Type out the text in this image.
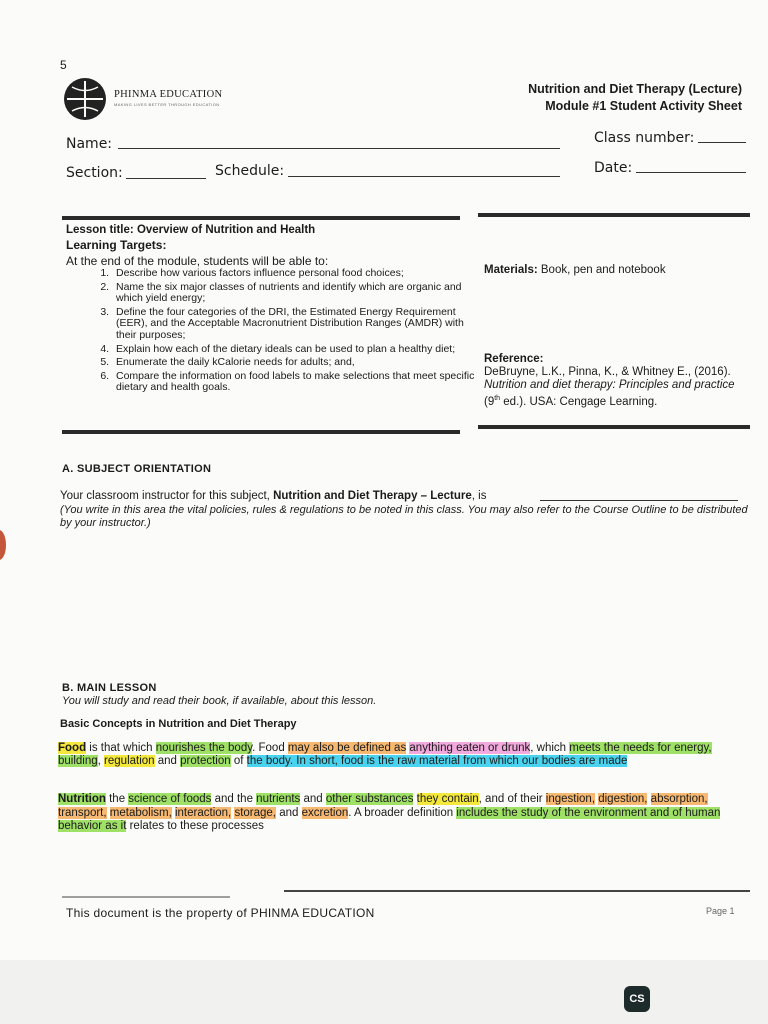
5
PHINMA EDUCATION
MAKING LIVES BETTER THROUGH EDUCATION
Nutrition and Diet Therapy (Lecture)
Module #1 Student Activity Sheet
Name:	Class number:
Section:	Schedule:	Date:
Lesson title: Overview of Nutrition and Health
Learning Targets:
At the end of the module, students will be able to:
1. Describe how various factors influence personal food choices;
2. Name the six major classes of nutrients and identify which are organic and which yield energy;
3. Define the four categories of the DRI, the Estimated Energy Requirement (EER), and the Acceptable Macronutrient Distribution Ranges (AMDR) with their purposes;
4. Explain how each of the dietary ideals can be used to plan a healthy diet;
5. Enumerate the daily kCalorie needs for adults; and,
6. Compare the information on food labels to make selections that meet specific dietary and health goals.
Materials: Book, pen and notebook
Reference:
DeBruyne, L.K., Pinna, K., & Whitney E., (2016). Nutrition and diet therapy: Principles and practice (9th ed.). USA: Cengage Learning.
A. SUBJECT ORIENTATION
Your classroom instructor for this subject, Nutrition and Diet Therapy – Lecture, is
(You write in this area the vital policies, rules & regulations to be noted in this class. You may also refer to the Course Outline to be distributed by your instructor.)
B. MAIN LESSON
You will study and read their book, if available, about this lesson.
Basic Concepts in Nutrition and Diet Therapy
Food is that which nourishes the body. Food may also be defined as anything eaten or drunk, which meets the needs for energy, building, regulation and protection of the body. In short, food is the raw material from which our bodies are made
Nutrition the science of foods and the nutrients and other substances they contain, and of their ingestion, digestion, absorption, transport, metabolism, interaction, storage, and excretion. A broader definition includes the study of the environment and of human behavior as it relates to these processes
This document is the property of PHINMA EDUCATION	Page 1
CS
